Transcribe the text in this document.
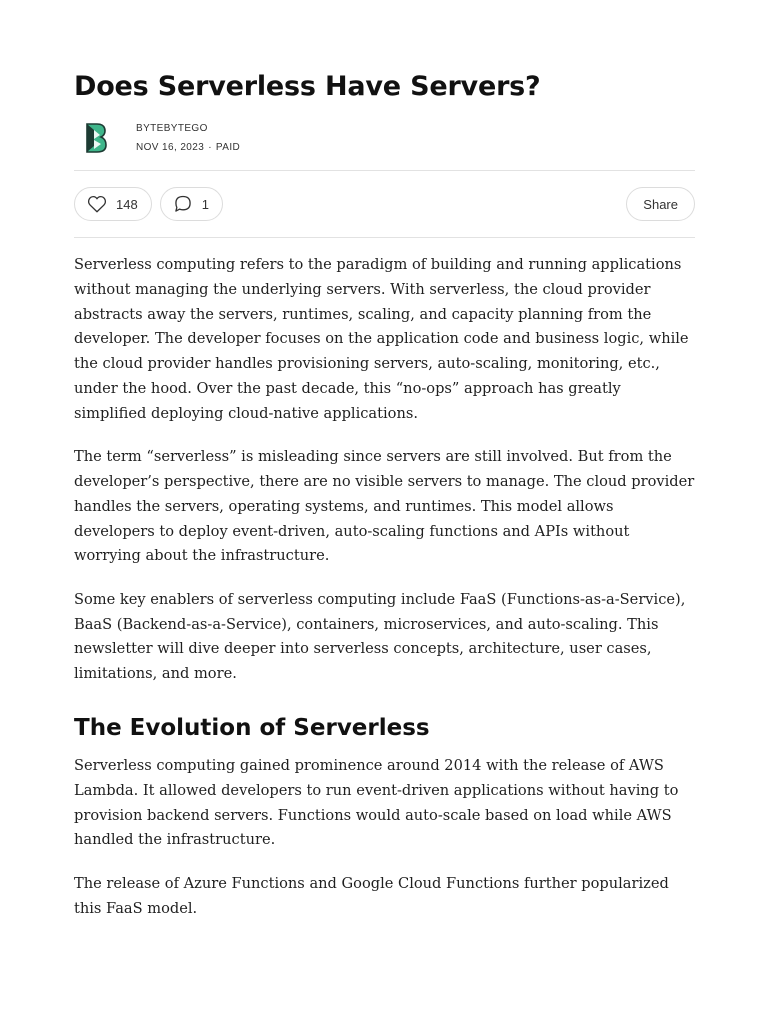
Does Serverless Have Servers?
BYTEBYTEGO
NOV 16, 2023 · PAID
148	1	Share

Serverless computing refers to the paradigm of building and running applications without managing the underlying servers. With serverless, the cloud provider abstracts away the servers, runtimes, scaling, and capacity planning from the developer. The developer focuses on the application code and business logic, while the cloud provider handles provisioning servers, auto-scaling, monitoring, etc., under the hood. Over the past decade, this “no-ops” approach has greatly simplified deploying cloud-native applications.

The term “serverless” is misleading since servers are still involved. But from the developer’s perspective, there are no visible servers to manage. The cloud provider handles the servers, operating systems, and runtimes. This model allows developers to deploy event-driven, auto-scaling functions and APIs without worrying about the infrastructure.

Some key enablers of serverless computing include FaaS (Functions-as-a-Service), BaaS (Backend-as-a-Service), containers, microservices, and auto-scaling. This newsletter will dive deeper into serverless concepts, architecture, user cases, limitations, and more.

The Evolution of Serverless

Serverless computing gained prominence around 2014 with the release of AWS Lambda. It allowed developers to run event-driven applications without having to provision backend servers. Functions would auto-scale based on load while AWS handled the infrastructure.

The release of Azure Functions and Google Cloud Functions further popularized this FaaS model.
